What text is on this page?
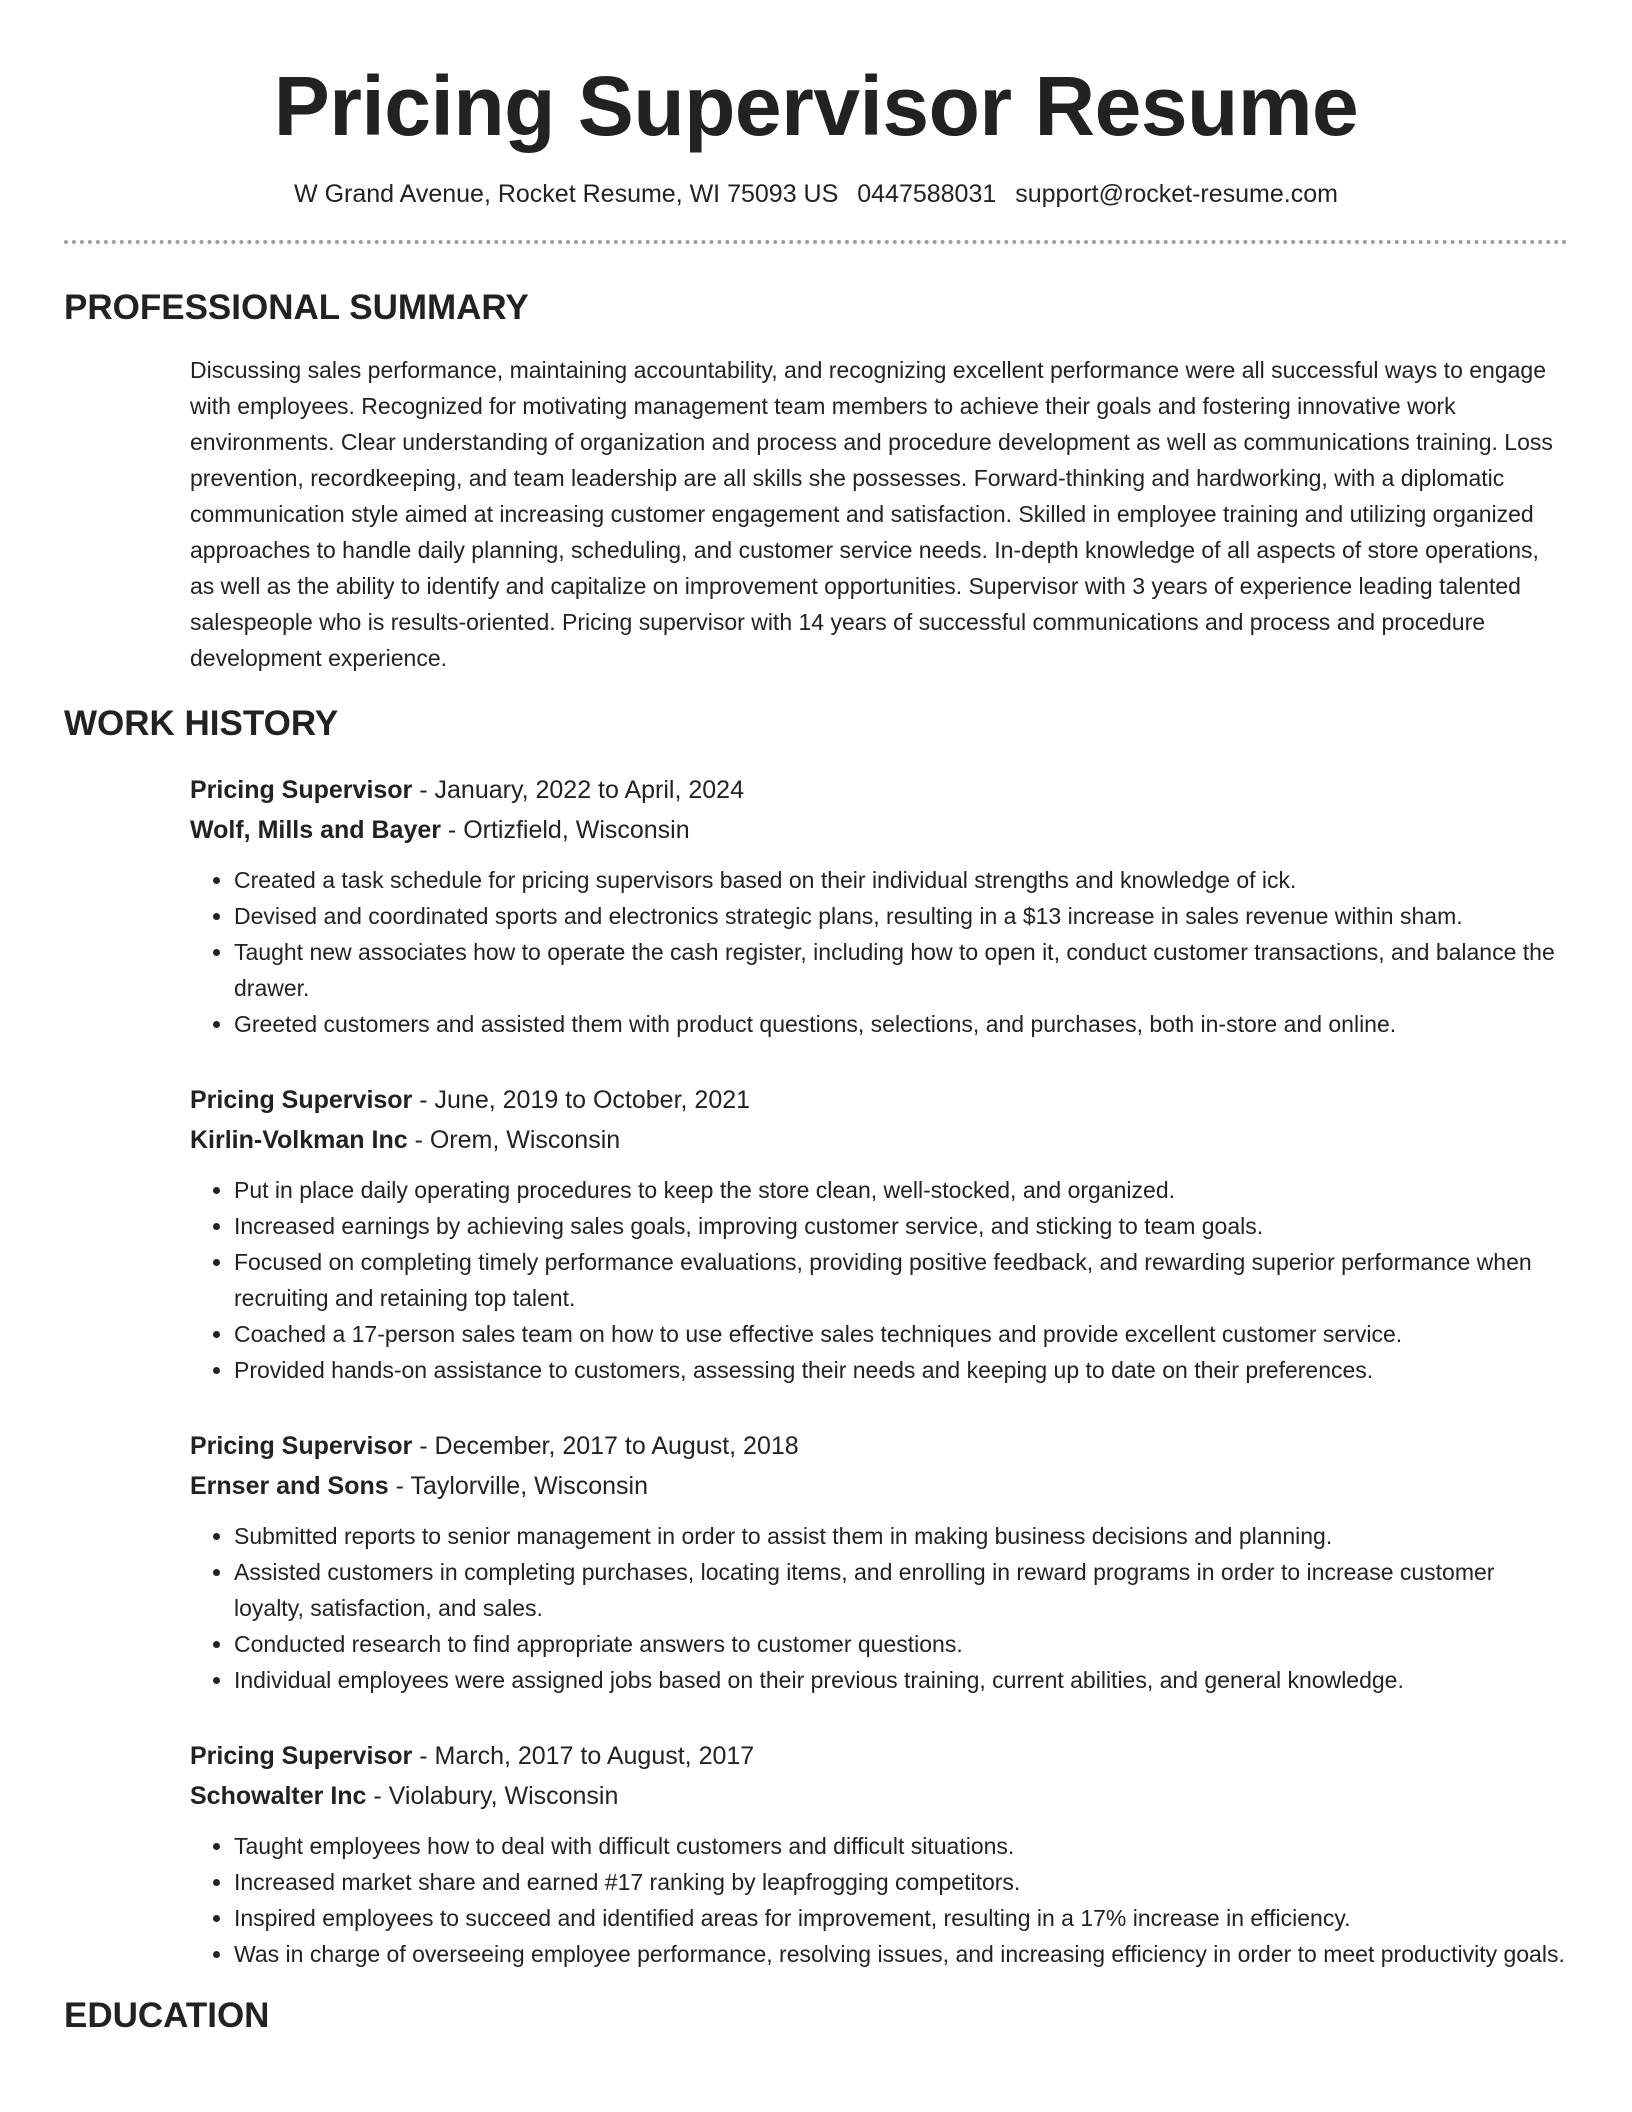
Pricing Supervisor Resume
W Grand Avenue, Rocket Resume, WI 75093 US 0447588031 support@rocket-resume.com
PROFESSIONAL SUMMARY
Discussing sales performance, maintaining accountability, and recognizing excellent performance were all successful ways to engage with employees. Recognized for motivating management team members to achieve their goals and fostering innovative work environments. Clear understanding of organization and process and procedure development as well as communications training. Loss prevention, recordkeeping, and team leadership are all skills she possesses. Forward-thinking and hardworking, with a diplomatic communication style aimed at increasing customer engagement and satisfaction. Skilled in employee training and utilizing organized approaches to handle daily planning, scheduling, and customer service needs. In-depth knowledge of all aspects of store operations, as well as the ability to identify and capitalize on improvement opportunities. Supervisor with 3 years of experience leading talented salespeople who is results-oriented. Pricing supervisor with 14 years of successful communications and process and procedure development experience.
WORK HISTORY
Pricing Supervisor - January, 2022 to April, 2024
Wolf, Mills and Bayer - Ortizfield, Wisconsin
• Created a task schedule for pricing supervisors based on their individual strengths and knowledge of ick.
• Devised and coordinated sports and electronics strategic plans, resulting in a $13 increase in sales revenue within sham.
• Taught new associates how to operate the cash register, including how to open it, conduct customer transactions, and balance the drawer.
• Greeted customers and assisted them with product questions, selections, and purchases, both in-store and online.
Pricing Supervisor - June, 2019 to October, 2021
Kirlin-Volkman Inc - Orem, Wisconsin
• Put in place daily operating procedures to keep the store clean, well-stocked, and organized.
• Increased earnings by achieving sales goals, improving customer service, and sticking to team goals.
• Focused on completing timely performance evaluations, providing positive feedback, and rewarding superior performance when recruiting and retaining top talent.
• Coached a 17-person sales team on how to use effective sales techniques and provide excellent customer service.
• Provided hands-on assistance to customers, assessing their needs and keeping up to date on their preferences.
Pricing Supervisor - December, 2017 to August, 2018
Ernser and Sons - Taylorville, Wisconsin
• Submitted reports to senior management in order to assist them in making business decisions and planning.
• Assisted customers in completing purchases, locating items, and enrolling in reward programs in order to increase customer loyalty, satisfaction, and sales.
• Conducted research to find appropriate answers to customer questions.
• Individual employees were assigned jobs based on their previous training, current abilities, and general knowledge.
Pricing Supervisor - March, 2017 to August, 2017
Schowalter Inc - Violabury, Wisconsin
• Taught employees how to deal with difficult customers and difficult situations.
• Increased market share and earned #17 ranking by leapfrogging competitors.
• Inspired employees to succeed and identified areas for improvement, resulting in a 17% increase in efficiency.
• Was in charge of overseeing employee performance, resolving issues, and increasing efficiency in order to meet productivity goals.
EDUCATION
